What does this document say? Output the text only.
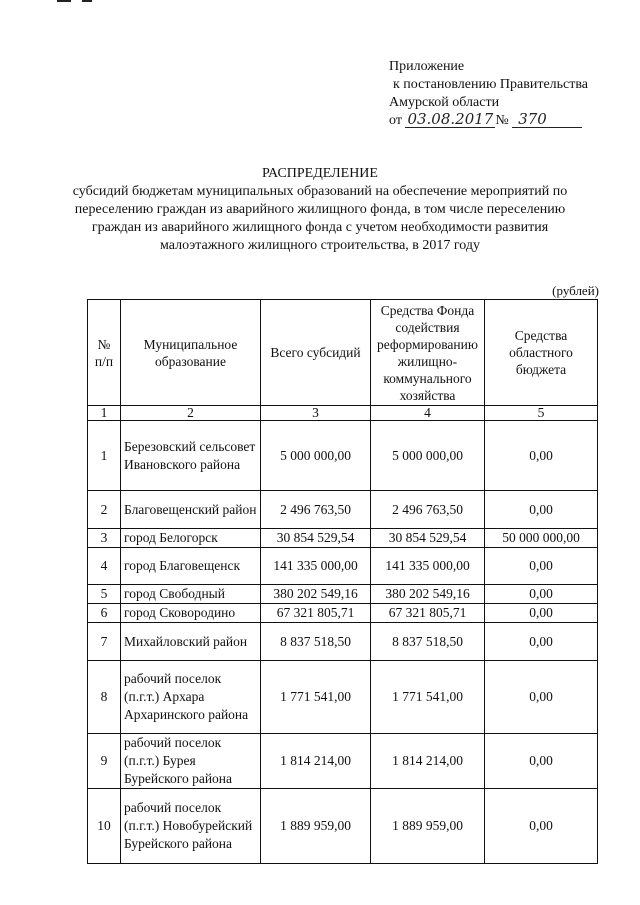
Приложение
к постановлению Правительства
Амурской области
от 03.08.2017 № 370
РАСПРЕДЕЛЕНИЕ
субсидий бюджетам муниципальных образований на обеспечение мероприятий по переселению граждан из аварийного жилищного фонда, в том числе переселению граждан из аварийного жилищного фонда с учетом необходимости развития малоэтажного жилищного строительства, в 2017 году
(рублей)
№ п/п	Муниципальное образование	Всего субсидий	Средства Фонда содействия реформированию жилищно-коммунального хозяйства	Средства областного бюджета
1	2	3	4	5
1	Березовский сельсовет Ивановского района	5 000 000,00	5 000 000,00	0,00
2	Благовещенский район	2 496 763,50	2 496 763,50	0,00
3	город Белогорск	30 854 529,54	30 854 529,54	50 000 000,00
4	город Благовещенск	141 335 000,00	141 335 000,00	0,00
5	город Свободный	380 202 549,16	380 202 549,16	0,00
6	город Сковородино	67 321 805,71	67 321 805,71	0,00
7	Михайловский район	8 837 518,50	8 837 518,50	0,00
8	рабочий поселок (п.г.т.) Архара Архаринского района	1 771 541,00	1 771 541,00	0,00
9	рабочий поселок (п.г.т.) Бурея Бурейского района	1 814 214,00	1 814 214,00	0,00
10	рабочий поселок (п.г.т.) Новобурейский Бурейского района	1 889 959,00	1 889 959,00	0,00
